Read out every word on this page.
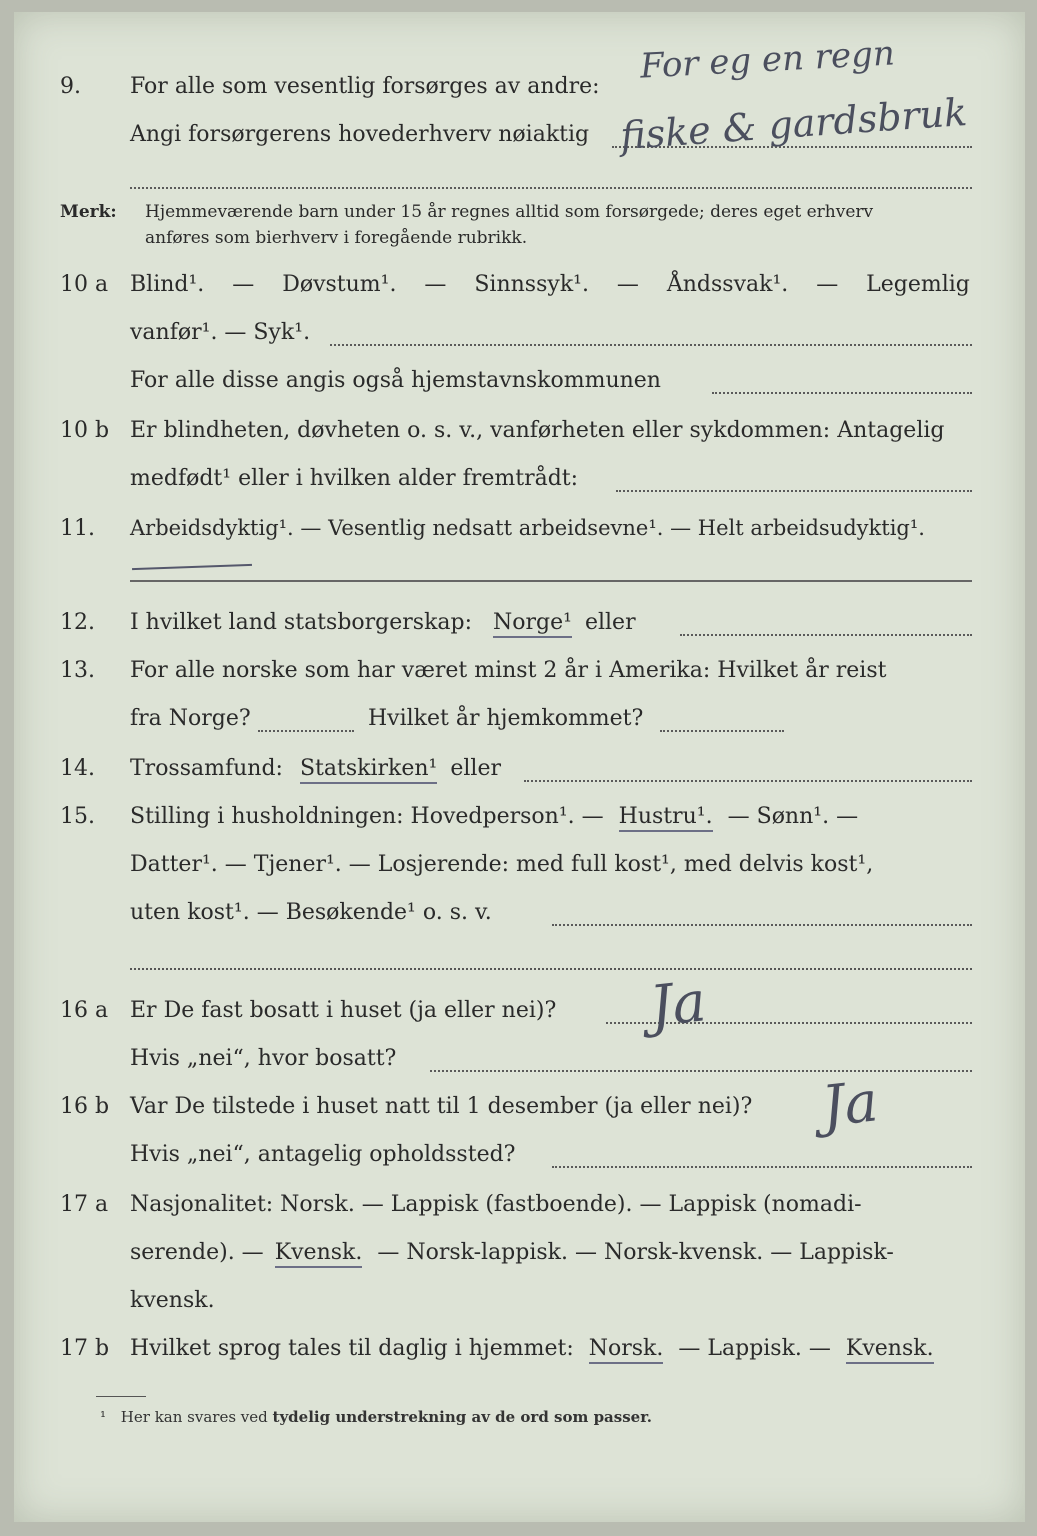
9. For alle som vesentlig forsørges av andre: For eg en regn
Angi forsørgerens hovederhverv nøiaktig fiske & gardsbruk
Merk: Hjemmeværende barn under 15 år regnes alltid som forsørgede; deres eget erhverv
anføres som bierhverv i foregående rubrikk.
10 a Blind¹. — Døvstum¹. — Sinnssyk¹. — Åndssvak¹. — Legemlig
vanfør¹. — Syk¹.
For alle disse angis også hjemstavnskommunen
10 b Er blindheten, døvheten o. s. v., vanførheten eller sykdommen: Antagelig
medfødt¹ eller i hvilken alder fremtrådt:
11. Arbeidsdyktig¹. — Vesentlig nedsatt arbeidsevne¹. — Helt arbeidsudyktig¹.
12. I hvilket land statsborgerskap: Norge¹ eller
13. For alle norske som har været minst 2 år i Amerika: Hvilket år reist
fra Norge?	Hvilket år hjemkommet?
14. Trossamfund: Statskirken¹ eller
15. Stilling i husholdningen: Hovedperson¹. — Hustru¹. — Sønn¹. —
Datter¹. — Tjener¹. — Losjerende: med full kost¹, med delvis kost¹,
uten kost¹. — Besøkende¹ o. s. v.
16 a Er De fast bosatt i huset (ja eller nei)? Ja
Hvis „nei“, hvor bosatt?
16 b Var De tilstede i huset natt til 1 desember (ja eller nei)? Ja
Hvis „nei“, antagelig opholdssted?
17 a Nasjonalitet: Norsk. — Lappisk (fastboende). — Lappisk (nomadi-
serende). — Kvensk. — Norsk-lappisk. — Norsk-kvensk. — Lappisk-
kvensk.
17 b Hvilket sprog tales til daglig i hjemmet: Norsk. — Lappisk. — Kvensk.
¹ Her kan svares ved tydelig understrekning av de ord som passer.
